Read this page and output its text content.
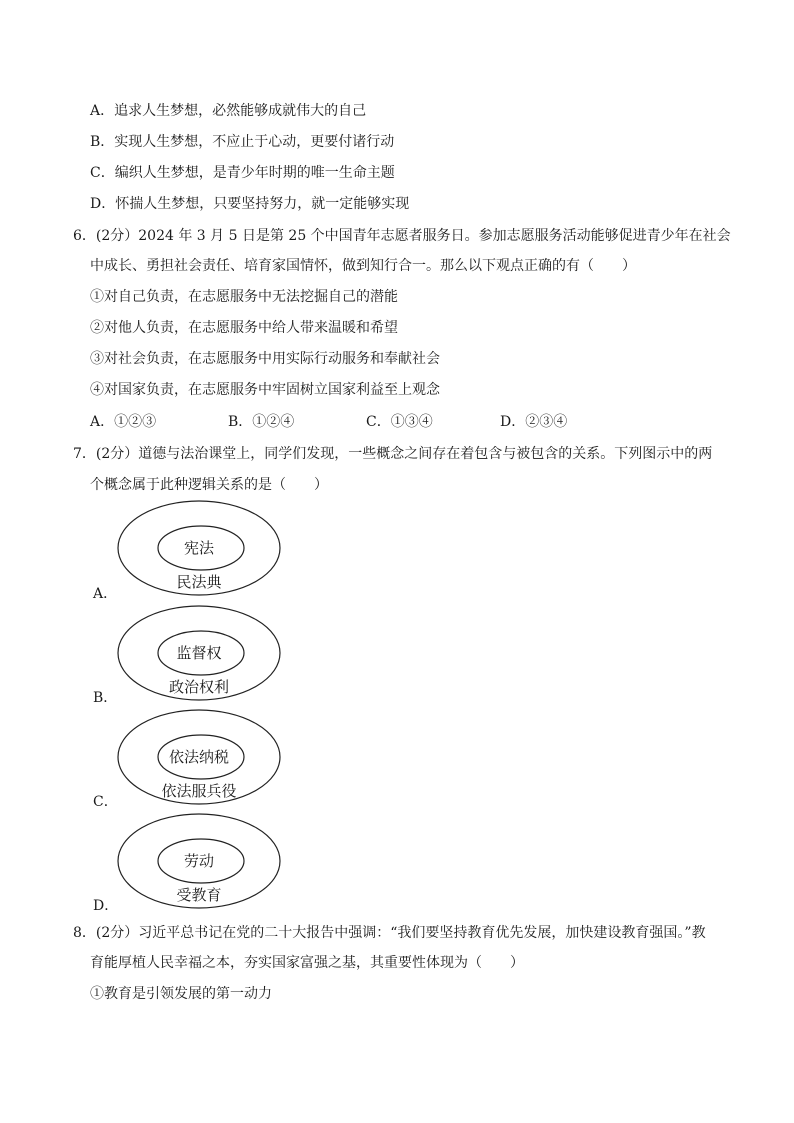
A．追求人生梦想，必然能够成就伟大的自己
B．实现人生梦想，不应止于心动，更要付诸行动
C．编织人生梦想，是青少年时期的唯一生命主题
D．怀揣人生梦想，只要坚持努力，就一定能够实现
6．(2分）2024 年 3 月 5 日是第 25 个中国青年志愿者服务日。参加志愿服务活动能够促进青少年在社会
中成长、勇担社会责任、培育家国情怀，做到知行合一。那么以下观点正确的有（　　）
①对自己负责，在志愿服务中无法挖掘自己的潜能
②对他人负责，在志愿服务中给人带来温暖和希望
③对社会负责，在志愿服务中用实际行动服务和奉献社会
④对国家负责，在志愿服务中牢固树立国家利益至上观念
A．①②③	B．①②④	C．①③④	D．②③④
7．(2分）道德与法治课堂上，同学们发现，一些概念之间存在着包含与被包含的关系。下列图示中的两
个概念属于此种逻辑关系的是（　　）
宪法
民法典
A．
监督权
政治权利
B．
依法纳税
依法服兵役
C．
劳动
受教育
D．
8．(2分）习近平总书记在党的二十大报告中强调：“我们要坚持教育优先发展，加快建设教育强国。”教
育能厚植人民幸福之本，夯实国家富强之基，其重要性体现为（　　）
①教育是引领发展的第一动力
